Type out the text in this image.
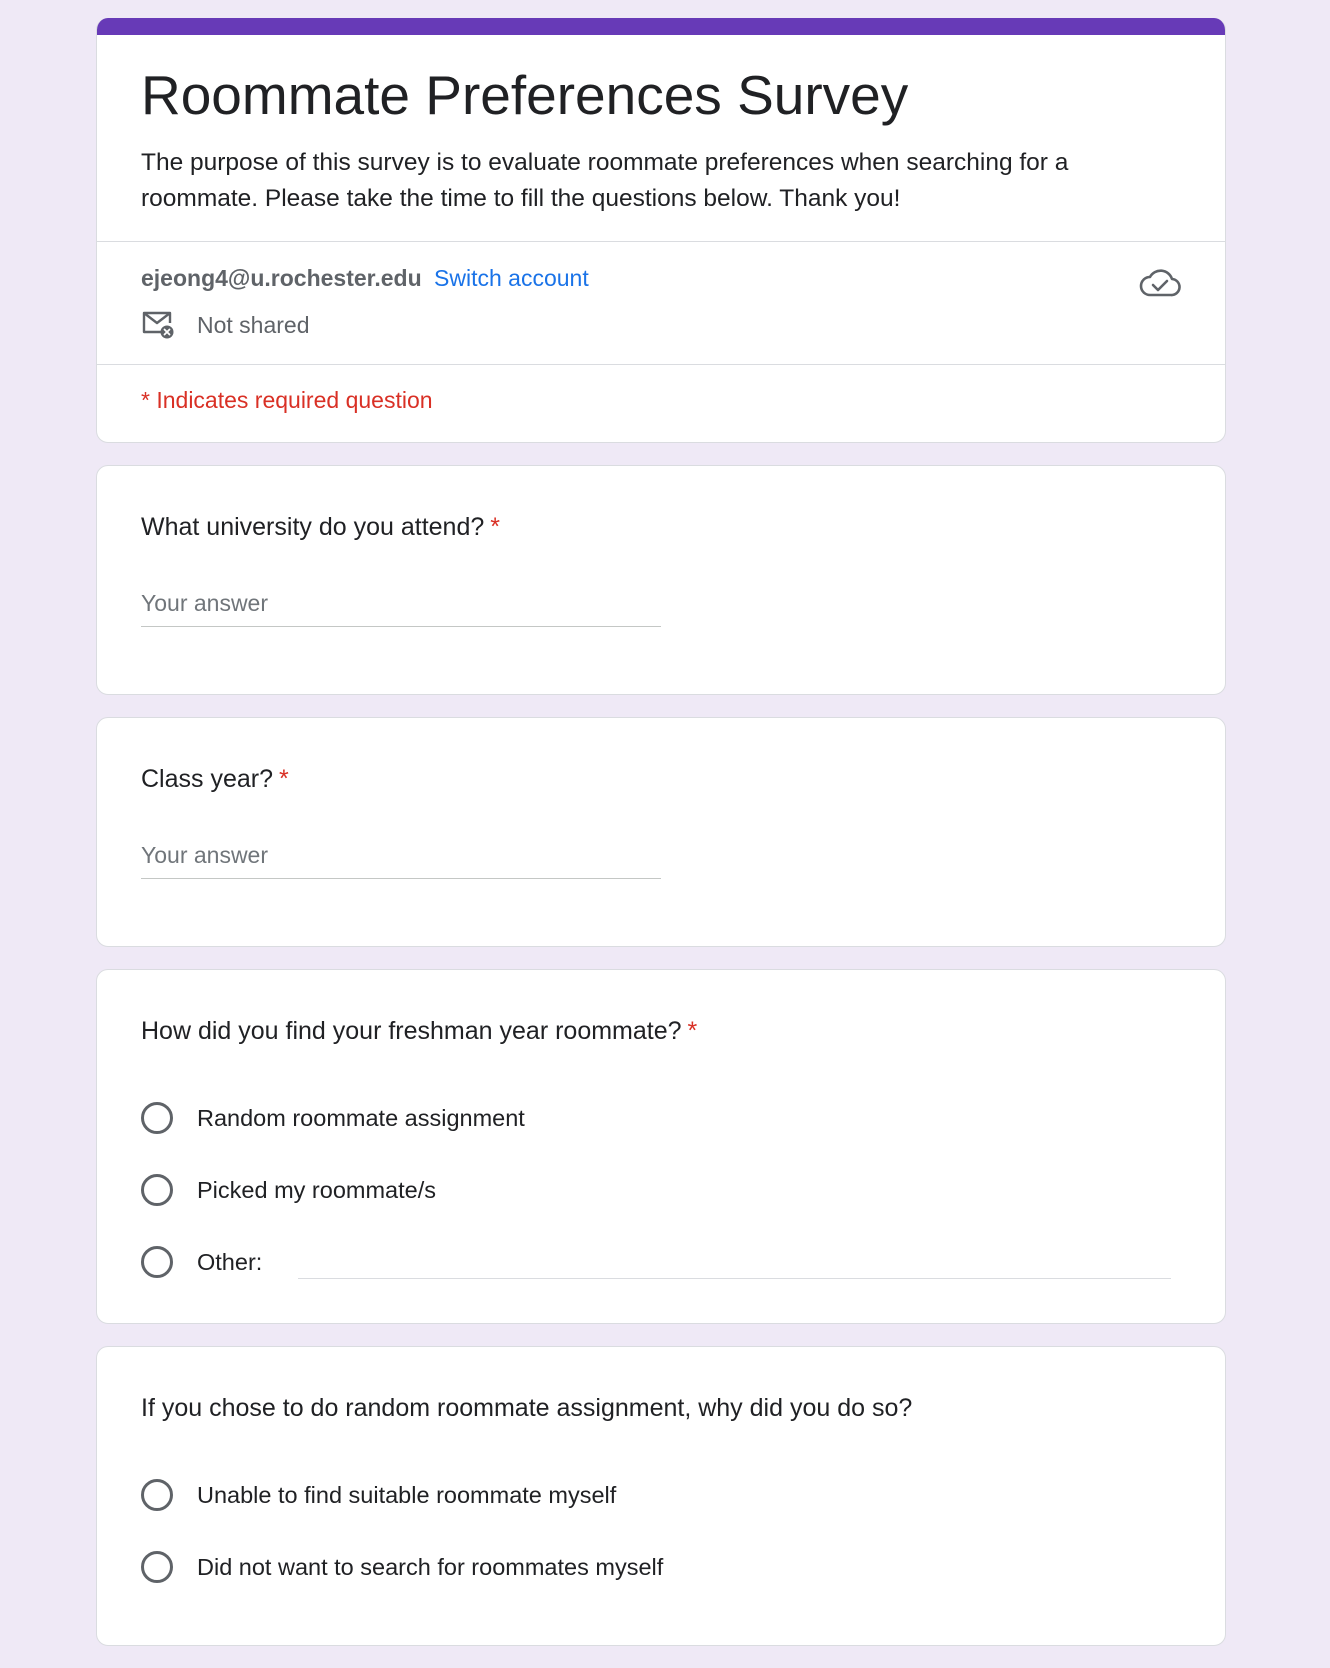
Roommate Preferences Survey
The purpose of this survey is to evaluate roommate preferences when searching for a roommate. Please take the time to fill the questions below. Thank you!
ejeong4@u.rochester.edu Switch account
Not shared
* Indicates required question
What university do you attend? *
Your answer
Class year? *
Your answer
How did you find your freshman year roommate? *
Random roommate assignment
Picked my roommate/s
Other:
If you chose to do random roommate assignment, why did you do so?
Unable to find suitable roommate myself
Did not want to search for roommates myself
